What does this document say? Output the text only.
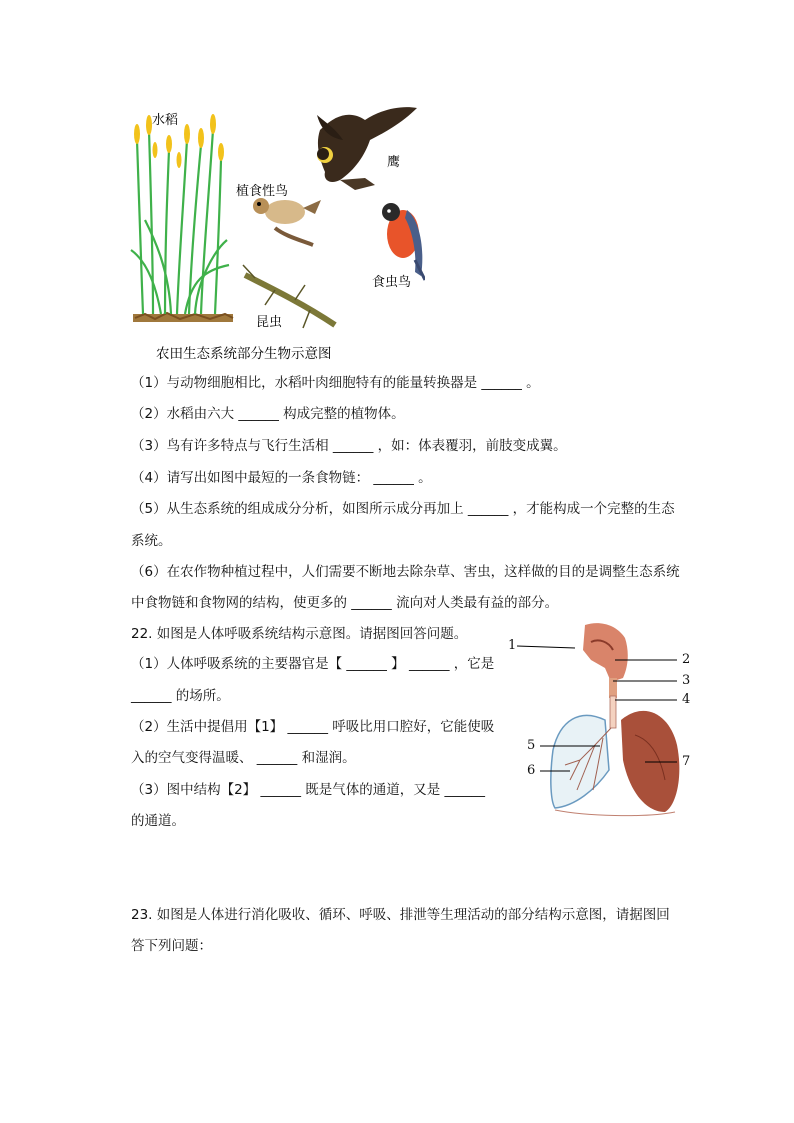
水稻
鹰
植食性鸟
食虫鸟
昆虫
农田生态系统部分生物示意图
（1）与动物细胞相比，水稻叶肉细胞特有的能量转换器是 ______ 。
（2）水稻由六大 ______ 构成完整的植物体。
（3）鸟有许多特点与飞行生活相 ______ ，如：体表覆羽，前肢变成翼。
（4）请写出如图中最短的一条食物链： ______ 。
（5）从生态系统的组成成分分析，如图所示成分再加上 ______ ，才能构成一个完整的生态
系统。
（6）在农作物种植过程中，人们需要不断地去除杂草、害虫，这样做的目的是调整生态系统
中食物链和食物网的结构，使更多的 ______ 流向对人类最有益的部分。
22. 如图是人体呼吸系统结构示意图。请据图回答问题。
（1）人体呼吸系统的主要器官是【 ______ 】 ______ ，它是
______ 的场所。
（2）生活中提倡用【1】 ______ 呼吸比用口腔好，它能使吸
入的空气变得温暖、 ______ 和湿润。
（3）图中结构【2】 ______ 既是气体的通道，又是 ______
的通道。
1
2
3
4
5
6
7
23. 如图是人体进行消化吸收、循环、呼吸、排泄等生理活动的部分结构示意图，请据图回
答下列问题：
